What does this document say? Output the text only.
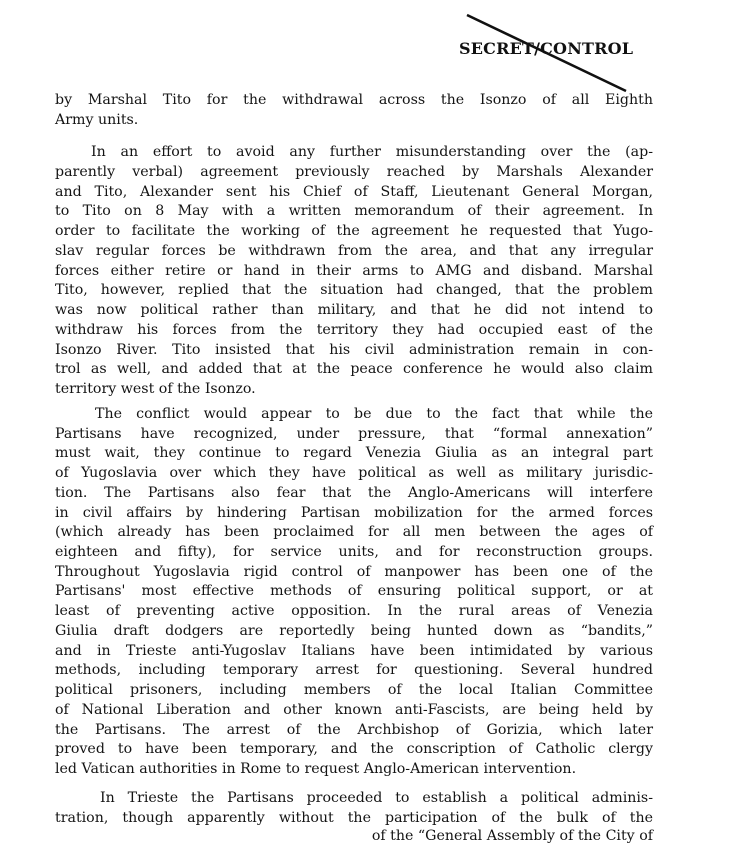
SECRET/CONTROL
by Marshal Tito for the withdrawal across the Isonzo of all Eighth
Army units.
In an effort to avoid any further misunderstanding over the (ap-
parently verbal) agreement previously reached by Marshals Alexander
and Tito, Alexander sent his Chief of Staff, Lieutenant General Morgan,
to Tito on 8 May with a written memorandum of their agreement. In
order to facilitate the working of the agreement he requested that Yugo-
slav regular forces be withdrawn from the area, and that any irregular
forces either retire or hand in their arms to AMG and disband. Marshal
Tito, however, replied that the situation had changed, that the problem
was now political rather than military, and that he did not intend to
withdraw his forces from the territory they had occupied east of the
Isonzo River. Tito insisted that his civil administration remain in con-
trol as well, and added that at the peace conference he would also claim
territory west of the Isonzo.
The conflict would appear to be due to the fact that while the
Partisans have recognized, under pressure, that “formal annexation”
must wait, they continue to regard Venezia Giulia as an integral part
of Yugoslavia over which they have political as well as military jurisdic-
tion. The Partisans also fear that the Anglo-Americans will interfere
in civil affairs by hindering Partisan mobilization for the armed forces
(which already has been proclaimed for all men between the ages of
eighteen and fifty), for service units, and for reconstruction groups.
Throughout Yugoslavia rigid control of manpower has been one of the
Partisans' most effective methods of ensuring political support, or at
least of preventing active opposition. In the rural areas of Venezia
Giulia draft dodgers are reportedly being hunted down as “bandits,”
and in Trieste anti-Yugoslav Italians have been intimidated by various
methods, including temporary arrest for questioning. Several hundred
political prisoners, including members of the local Italian Committee
of National Liberation and other known anti-Fascists, are being held by
the Partisans. The arrest of the Archbishop of Gorizia, which later
proved to have been temporary, and the conscription of Catholic clergy
led Vatican authorities in Rome to request Anglo-American intervention.
In Trieste the Partisans proceeded to establish a political adminis-
tration, though apparently without the participation of the bulk of the
of the “General Assembly of the City of
